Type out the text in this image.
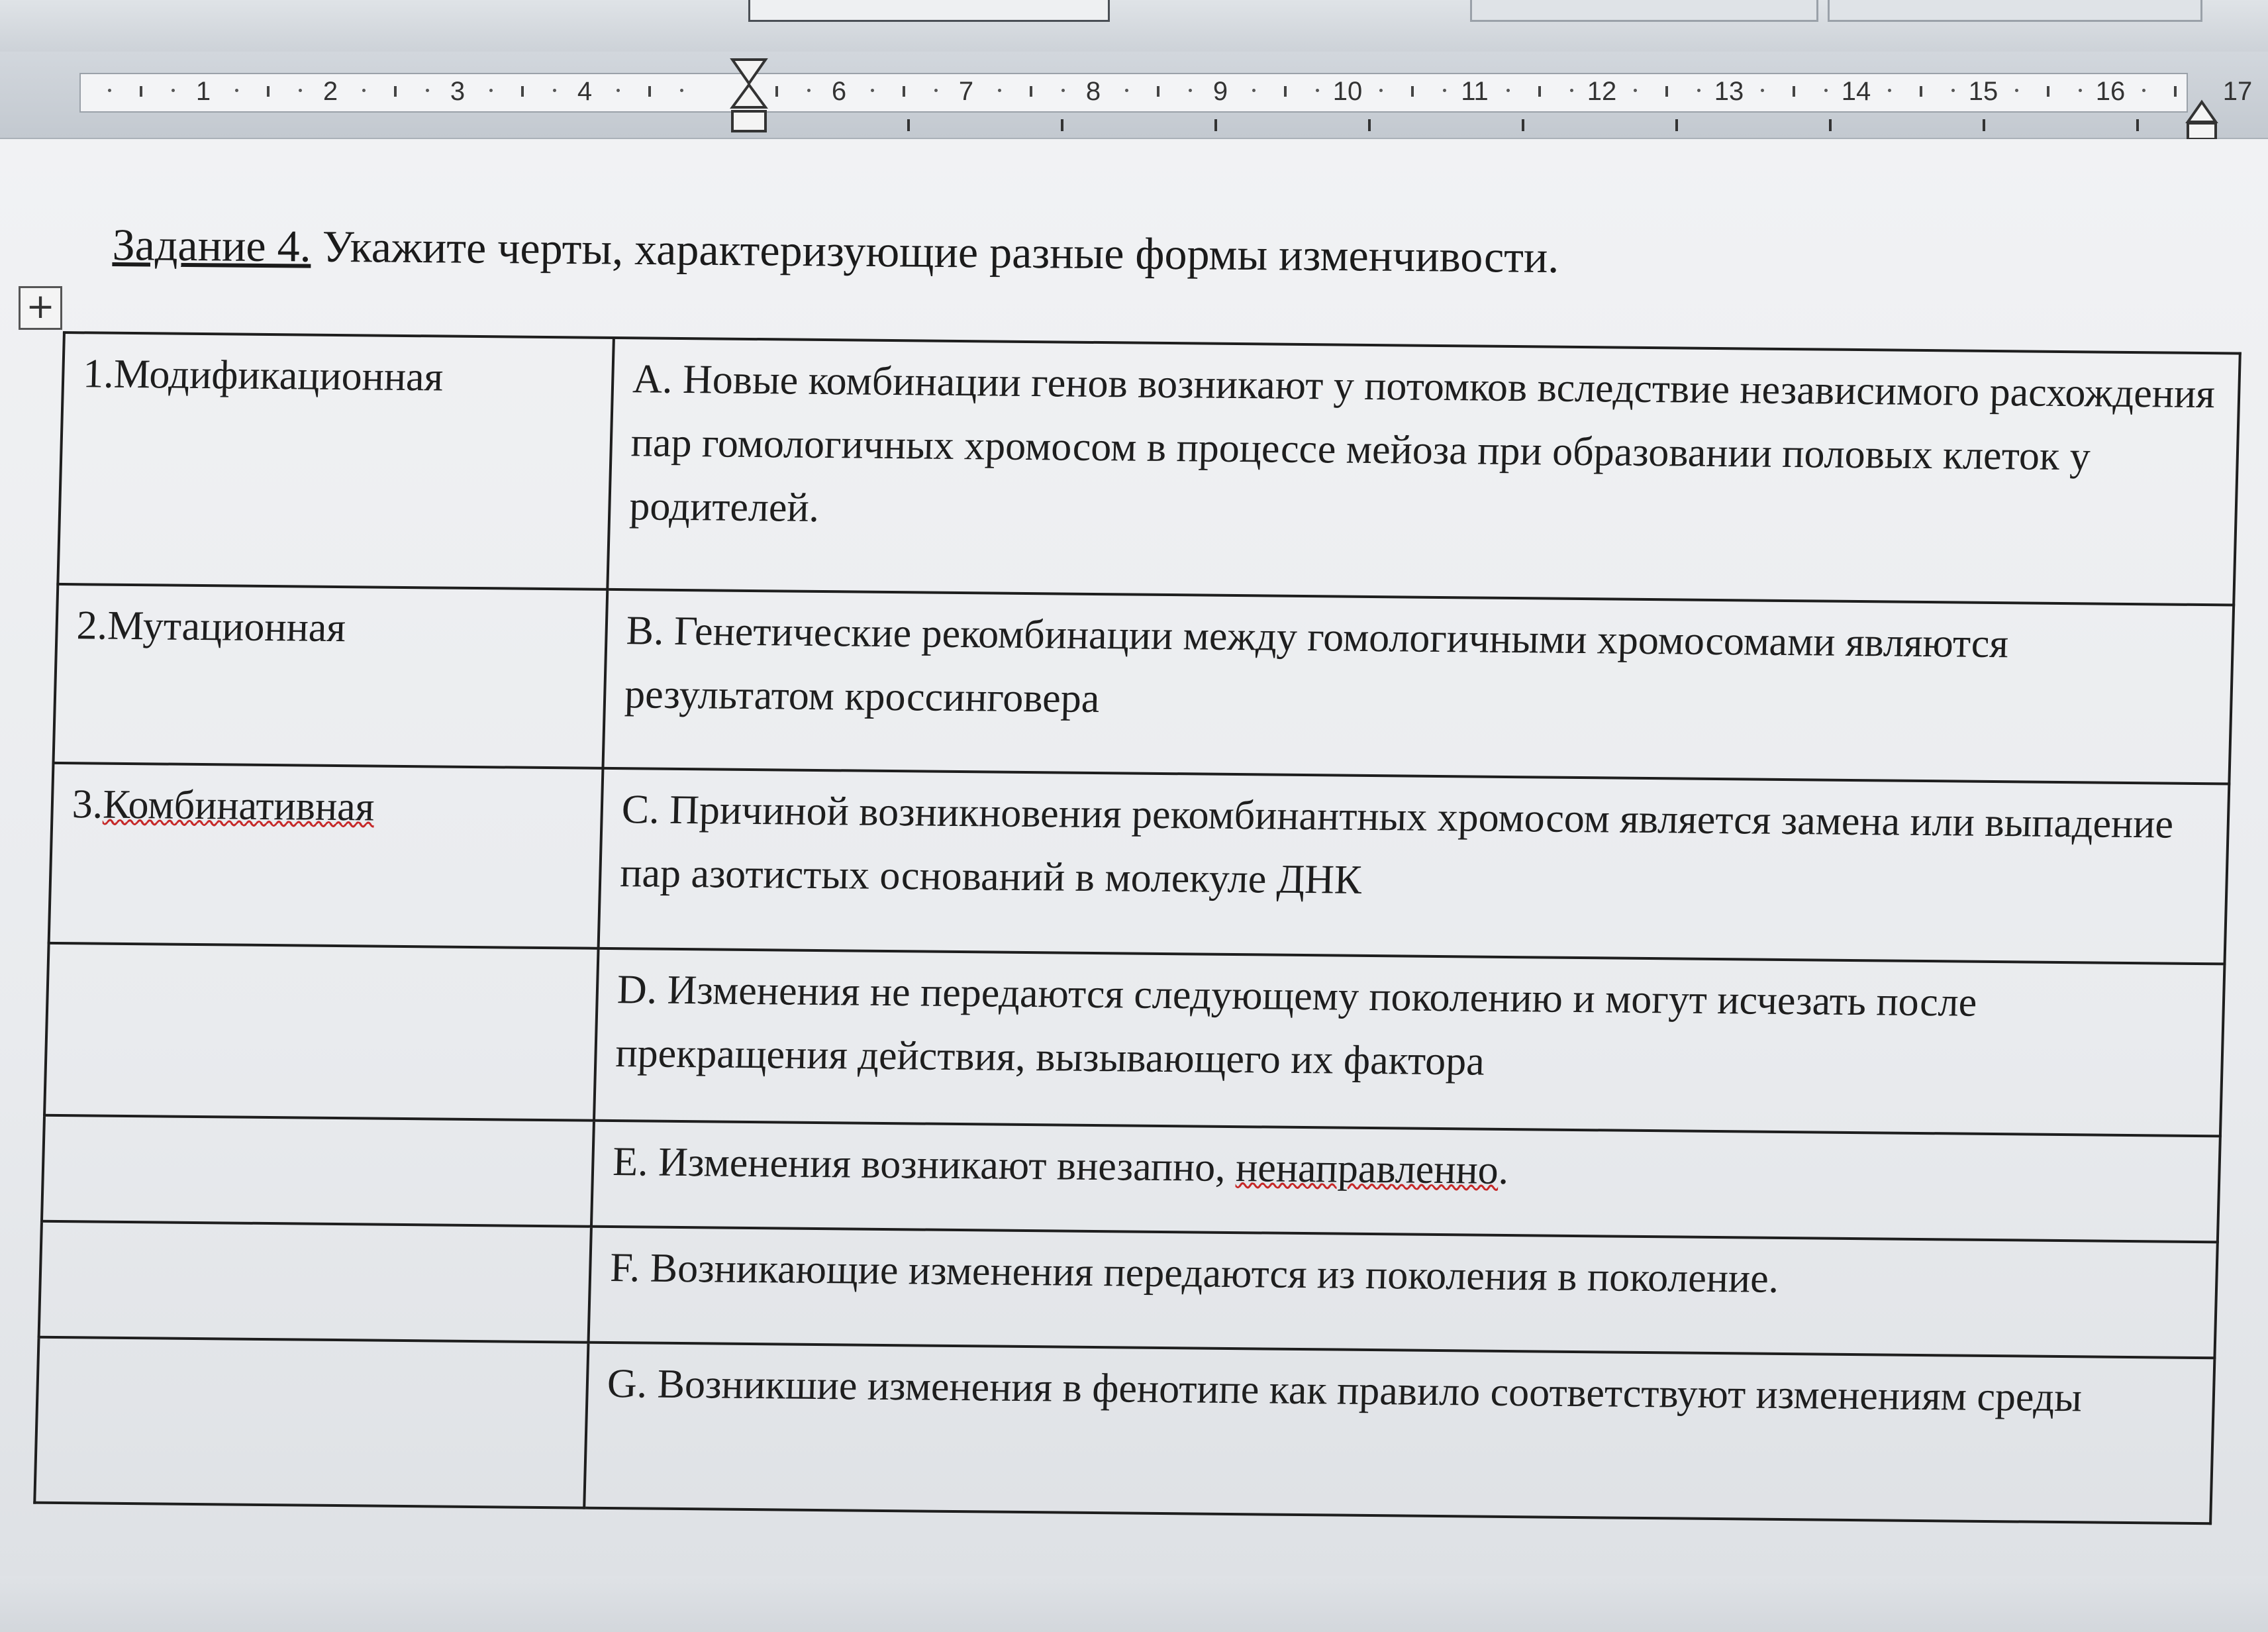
1	2	3	4	6	7	8	9	10	11	12	13	14	15	16	17
Задание 4. Укажите черты, характеризующие разные формы изменчивости.
+
1.Модификационная	А. Новые комбинации генов возникают у потомков вследствие независимого расхождения пар гомологичных хромосом в процессе мейоза при образовании половых клеток у родителей.
2.Мутационная	В. Генетические рекомбинации между гомологичными хромосомами являются результатом кроссинговера
3.Комбинативная	С. Причиной возникновения рекомбинантных хромосом является замена или выпадение пар азотистых оснований в молекуле ДНК
	D. Изменения не передаются следующему поколению и могут исчезать после прекращения действия, вызывающего их фактора
	Е. Изменения возникают внезапно, ненаправленно.
	F. Возникающие изменения передаются из поколения в поколение.
	G. Возникшие изменения в фенотипе как правило соответствуют изменениям среды
